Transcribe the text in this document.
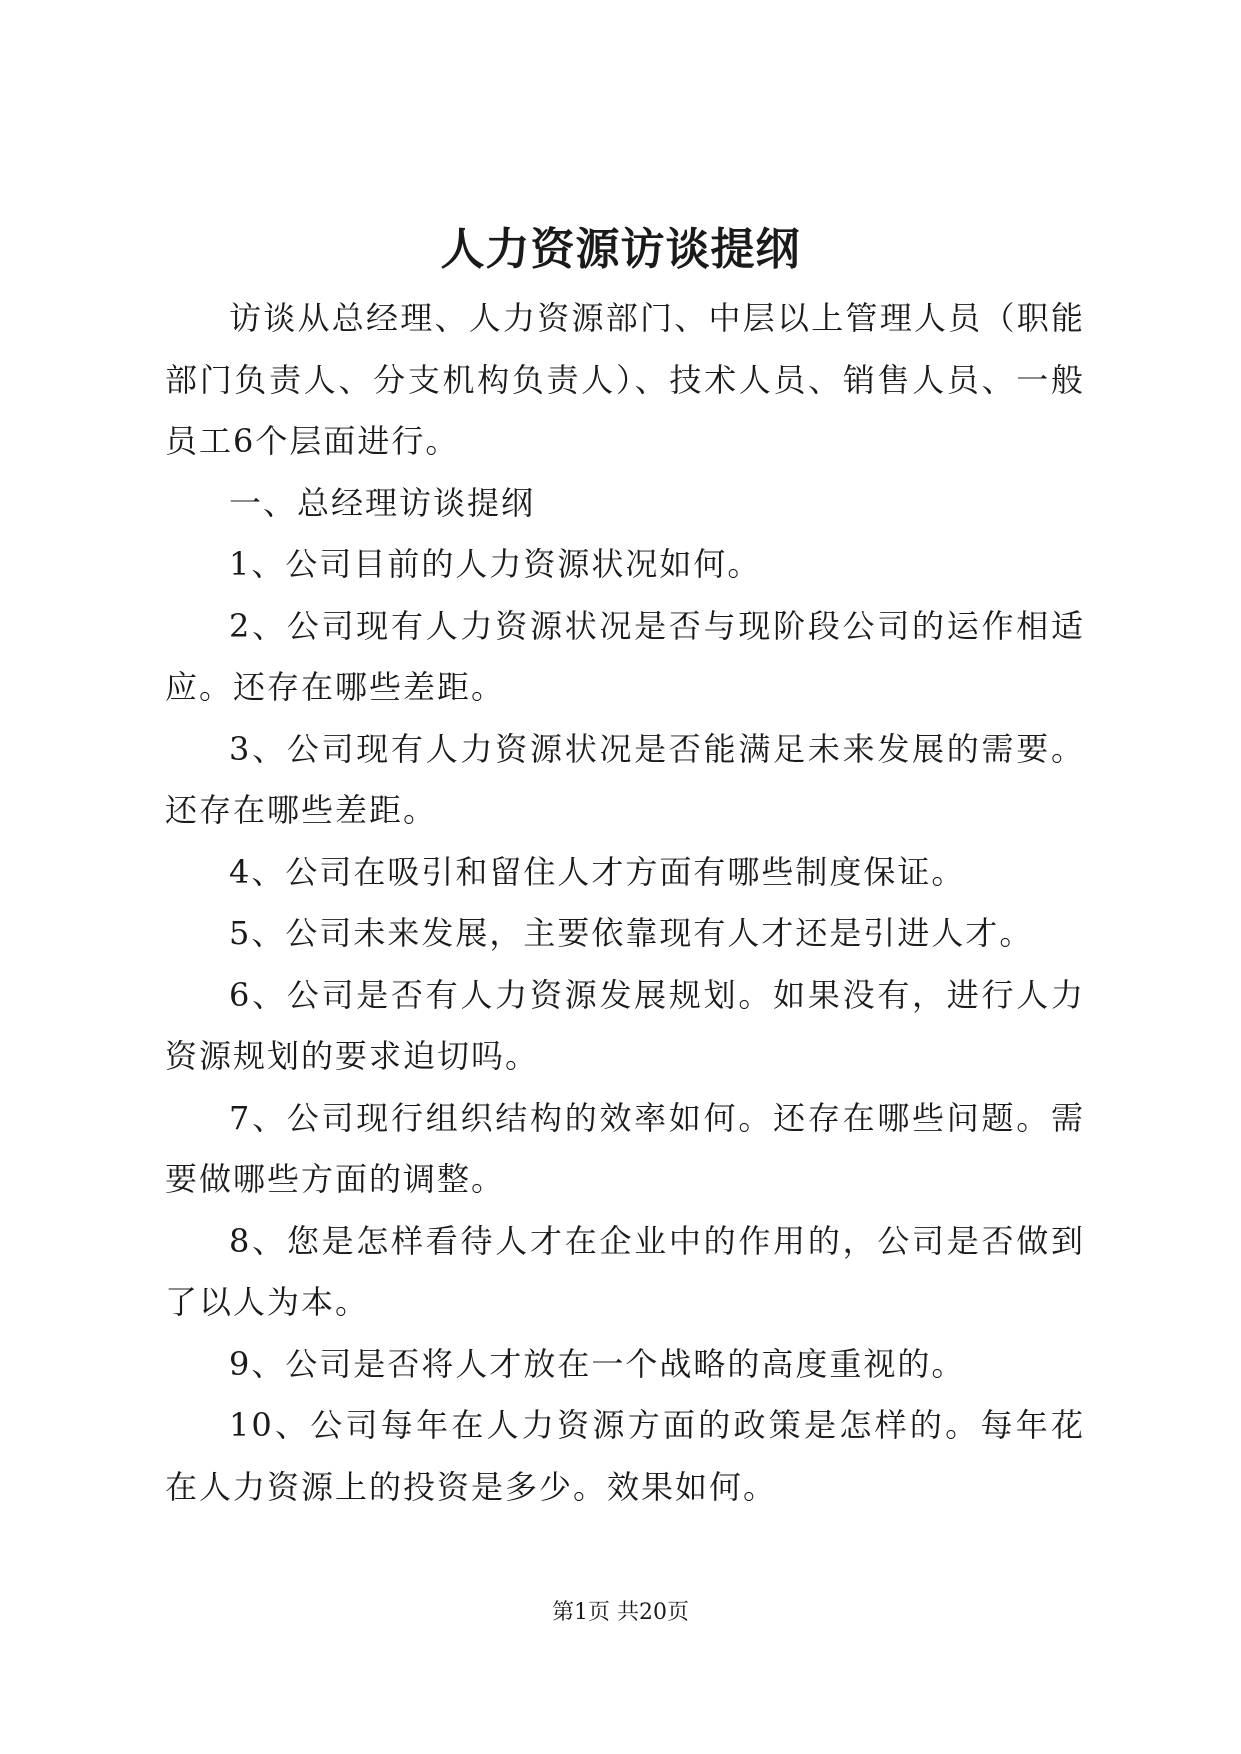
人力资源访谈提纲

访谈从总经理、人力资源部门、中层以上管理人员（职能部门负责人、分支机构负责人）、技术人员、销售人员、一般员工6个层面进行。

一、总经理访谈提纲

1、公司目前的人力资源状况如何。

2、公司现有人力资源状况是否与现阶段公司的运作相适应。还存在哪些差距。

3、公司现有人力资源状况是否能满足未来发展的需要。还存在哪些差距。

4、公司在吸引和留住人才方面有哪些制度保证。

5、公司未来发展，主要依靠现有人才还是引进人才。

6、公司是否有人力资源发展规划。如果没有，进行人力资源规划的要求迫切吗。

7、公司现行组织结构的效率如何。还存在哪些问题。需要做哪些方面的调整。

8、您是怎样看待人才在企业中的作用的，公司是否做到了以人为本。

9、公司是否将人才放在一个战略的高度重视的。

10、公司每年在人力资源方面的政策是怎样的。每年花在人力资源上的投资是多少。效果如何。

第1页 共20页
